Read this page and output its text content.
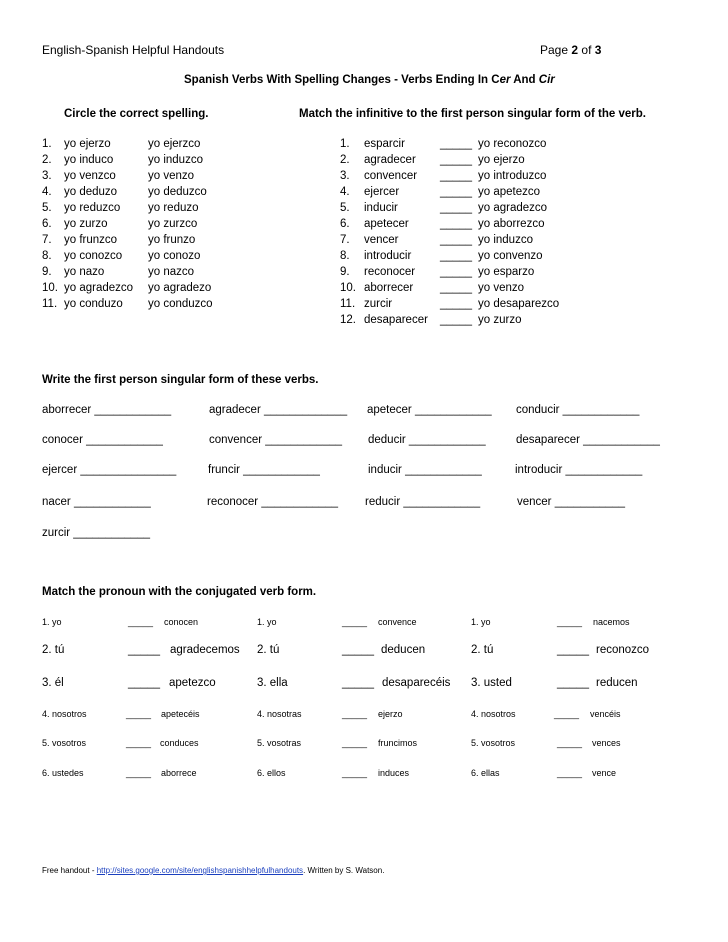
English-Spanish Helpful Handouts	Page 2 of 3
Spanish Verbs With Spelling Changes - Verbs Ending In Cer And Cir
Circle the correct spelling.	Match the infinitive to the first person singular form of the verb.
1. yo ejerzo	yo ejerzco
2. yo induco	yo induzco
3. yo venzco	yo venzo
4. yo deduzo	yo deduzco
5. yo reduzco yo reduzo
6. yo zurzo	yo zurzco
7. yo frunzco	yo frunzo
8. yo conozco yo conozo
9. yo nazo	yo nazco
10. yo agradezco yo agradezo
11. yo conduzo yo conduzco
1. esparcir	_____ yo reconozco
2. agradecer _____ yo ejerzo
3. convencer _____ yo introduzco
4. ejercer	_____ yo apetezco
5. inducir	_____ yo agradezco
6. apetecer	_____ yo aborrezco
7. vencer	_____ yo induzco
8. introducir _____ yo convenzo
9. reconocer _____ yo esparzo
10. aborrecer _____ yo venzo
11. zurcir	_____ yo desaparezco
12. desaparecer _____ yo zurzo
Write the first person singular form of these verbs.
aborrecer ____________	agradecer _____________ apetecer ____________ conducir ____________
conocer ____________	convencer ____________ deducir ____________	desaparecer ____________
ejercer _______________	fruncir ____________	inducir ____________	introducir ____________
nacer ____________	reconocer ____________ reducir ____________	vencer ___________
zurcir ____________
Match the pronoun with the conjugated verb form.
1. yo	_____ conocen	1. yo	_____ convence	1. yo	_____ nacemos
2. tú	_____ agradecemos 2. tú	_____ deducen	2. tú	_____ reconozco
3. él	_____ apetezco	3. ella	_____ desaparecéis 3. usted	_____ reducen
4. nosotros	_____ apetecéis	4. nosotras	_____ ejerzo	4. nosotros	_____ vencéis
5. vosotros	_____ conduces	5. vosotras	_____ fruncimos	5. vosotros	_____ vences
6. ustedes	_____ aborrece	6. ellos	_____ induces	6. ellas	_____ vence
Free handout - http://sites.google.com/site/englishspanishhelpfulhandouts. Written by S. Watson.
